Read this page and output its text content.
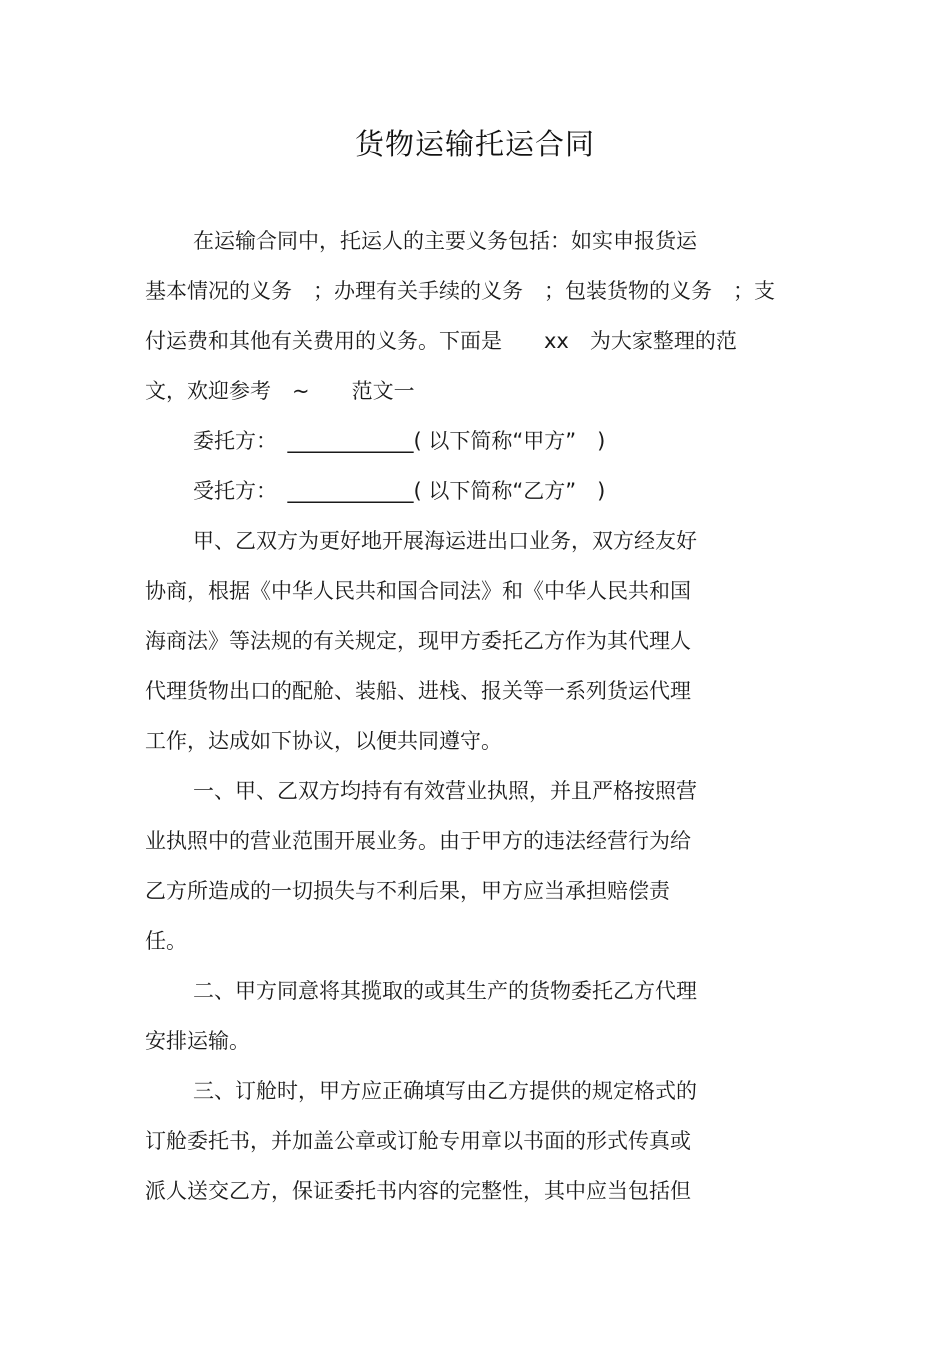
货物运输托运合同
在运输合同中，托运人的主要义务包括：如实申报货运
基本情况的义务　；办理有关手续的义务　；包装货物的义务　；支
付运费和其他有关费用的义务。下面是　　xx　为大家整理的范
文，欢迎参考　~　　范文一
委托方：　____________( 以下简称“甲方”　)
受托方：　____________( 以下简称“乙方”　)
甲、乙双方为更好地开展海运进出口业务，双方经友好
协商，根据《中华人民共和国合同法》和《中华人民共和国
海商法》等法规的有关规定，现甲方委托乙方作为其代理人
代理货物出口的配舱、装船、进栈、报关等一系列货运代理
工作，达成如下协议，以便共同遵守。
一、甲、乙双方均持有有效营业执照，并且严格按照营
业执照中的营业范围开展业务。由于甲方的违法经营行为给
乙方所造成的一切损失与不利后果，甲方应当承担赔偿责
任。
二、甲方同意将其揽取的或其生产的货物委托乙方代理
安排运输。
三、订舱时，甲方应正确填写由乙方提供的规定格式的
订舱委托书，并加盖公章或订舱专用章以书面的形式传真或
派人送交乙方，保证委托书内容的完整性，其中应当包括但
